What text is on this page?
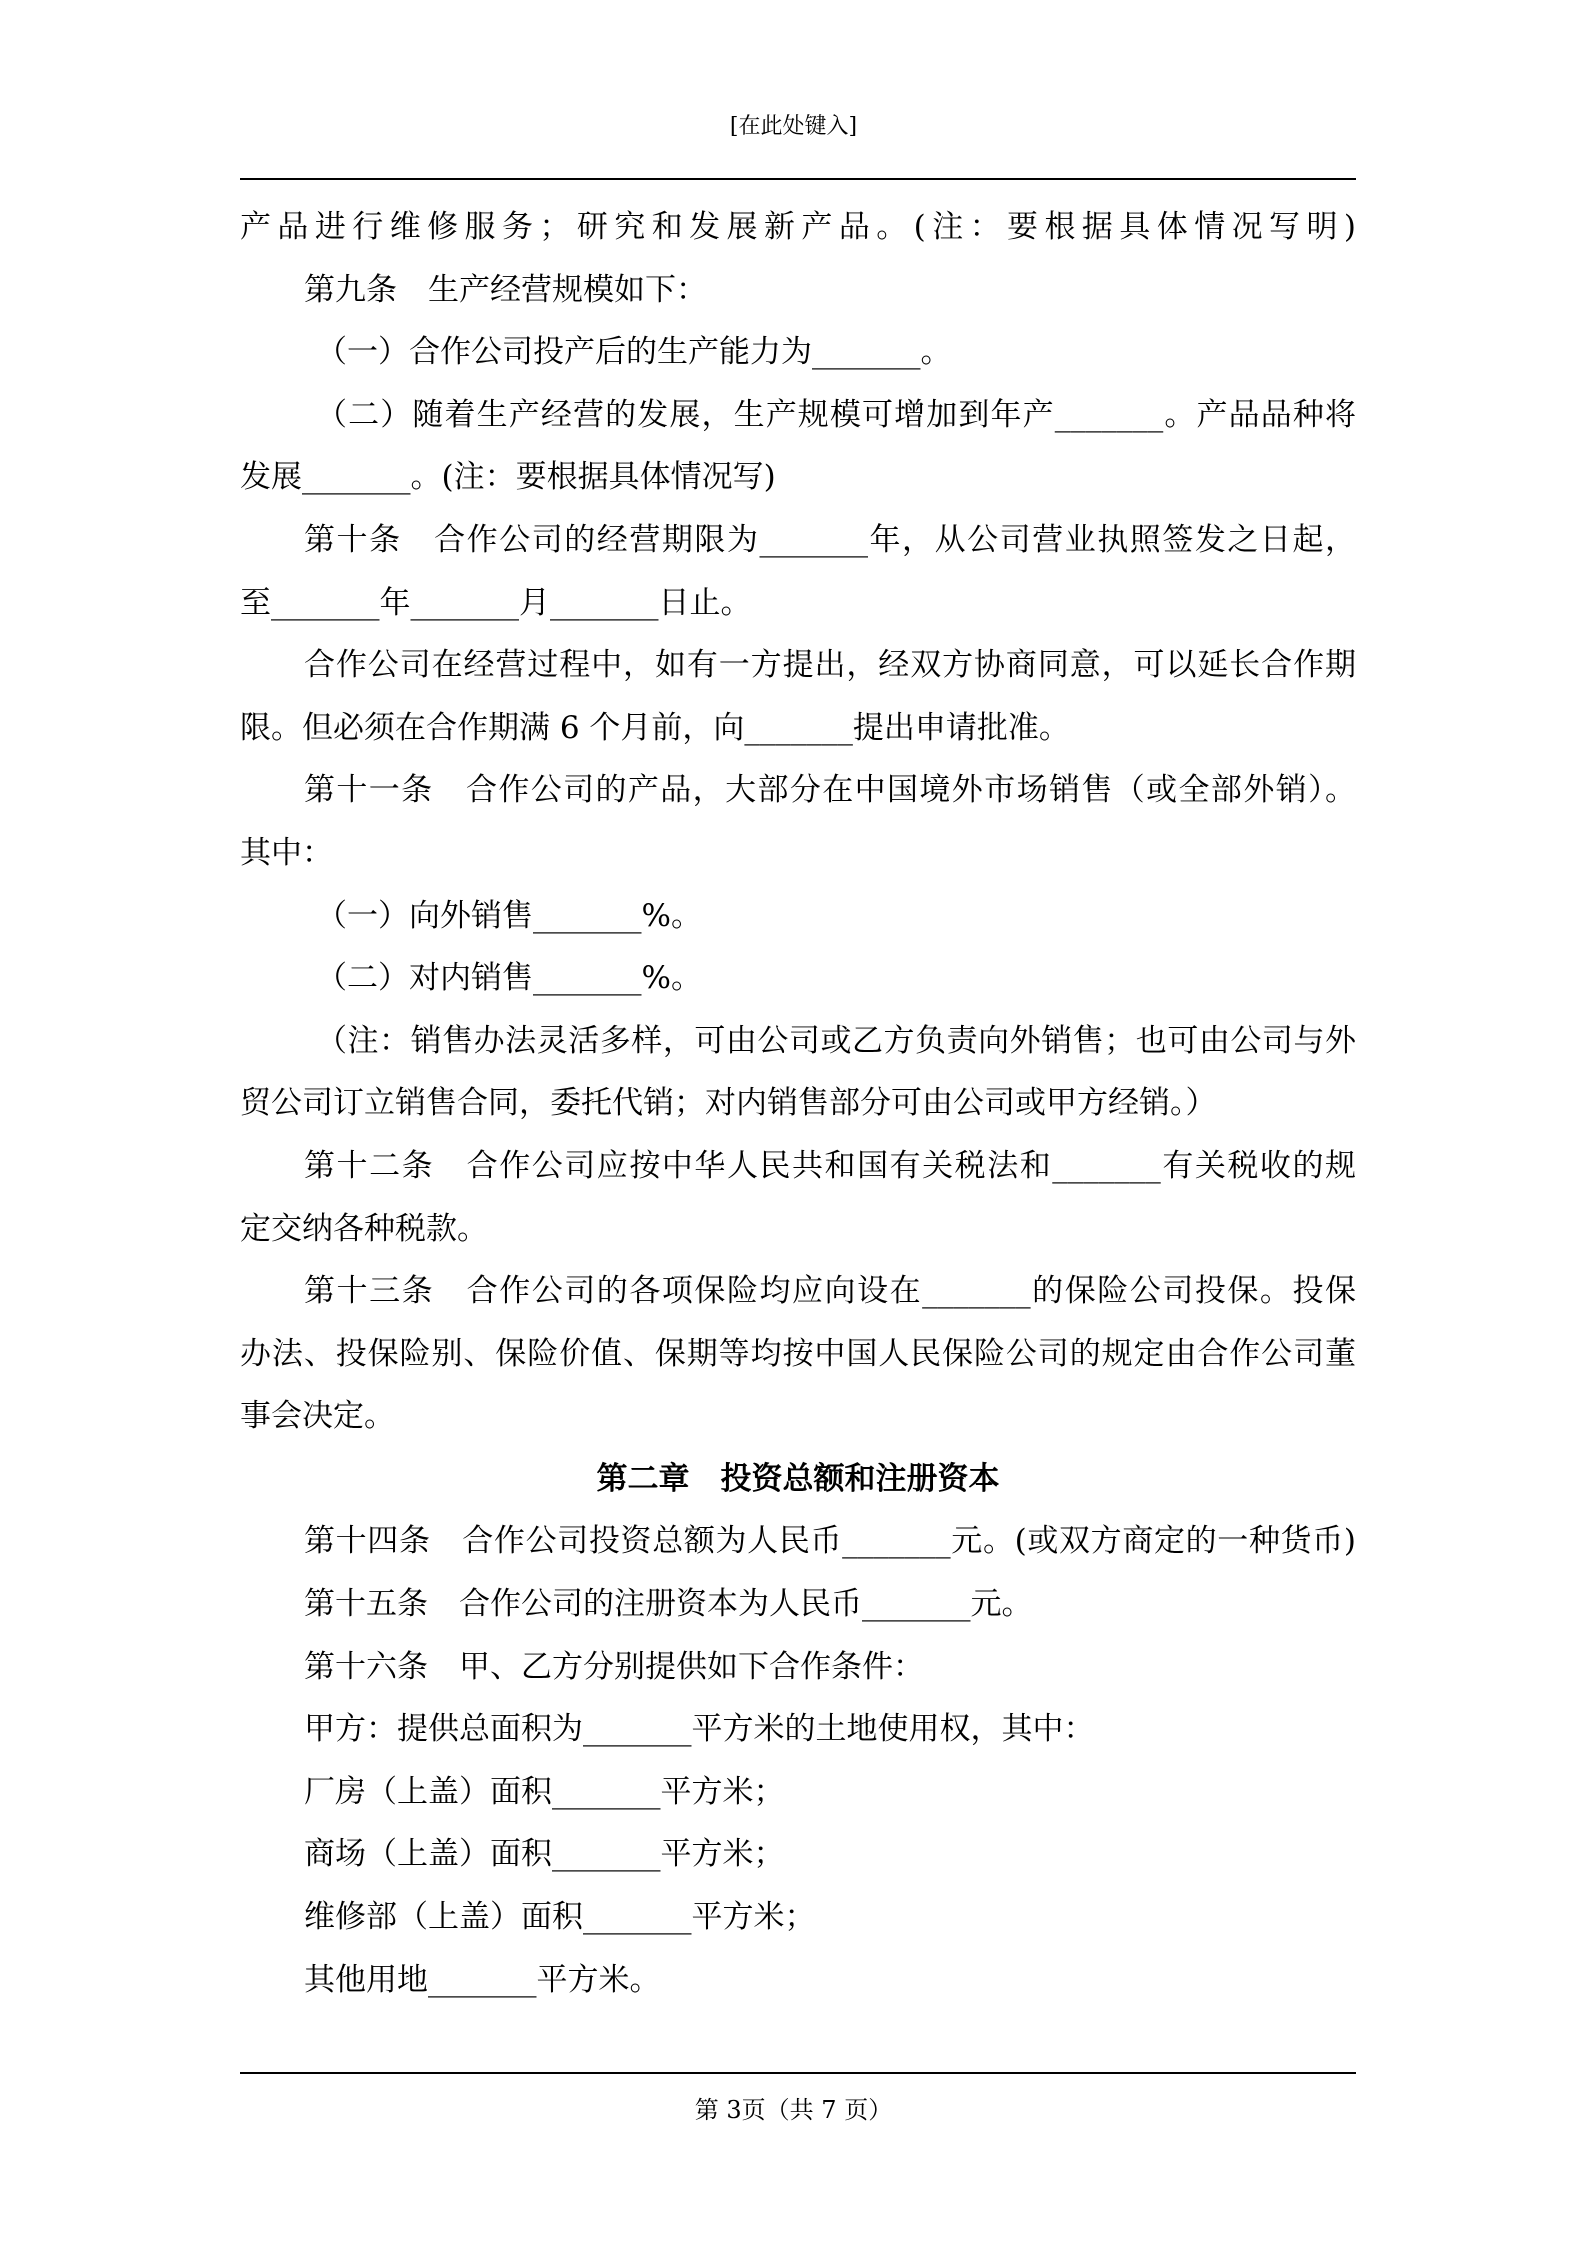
[在此处键入]
产品进行维修服务；研究和发展新产品。(注：要根据具体情况写明)
第九条　生产经营规模如下：
（一）合作公司投产后的生产能力为_______。
（二）随着生产经营的发展，生产规模可增加到年产_______。产品品种将
发展_______。(注：要根据具体情况写)
第十条　合作公司的经营期限为_______年，从公司营业执照签发之日起，
至_______年_______月_______日止。
合作公司在经营过程中，如有一方提出，经双方协商同意，可以延长合作期
限。但必须在合作期满 6 个月前，向_______提出申请批准。
第十一条　合作公司的产品，大部分在中国境外市场销售（或全部外销）。
其中：
（一）向外销售_______%。
（二）对内销售_______%。
（注：销售办法灵活多样，可由公司或乙方负责向外销售；也可由公司与外
贸公司订立销售合同，委托代销；对内销售部分可由公司或甲方经销。）
第十二条　合作公司应按中华人民共和国有关税法和_______有关税收的规
定交纳各种税款。
第十三条　合作公司的各项保险均应向设在_______的保险公司投保。投保
办法、投保险别、保险价值、保期等均按中国人民保险公司的规定由合作公司董
事会决定。
第二章　投资总额和注册资本
第十四条　合作公司投资总额为人民币_______元。(或双方商定的一种货币)
第十五条　合作公司的注册资本为人民币_______元。
第十六条　甲、乙方分别提供如下合作条件：
甲方：提供总面积为_______平方米的土地使用权，其中：
厂房（上盖）面积_______平方米；
商场（上盖）面积_______平方米；
维修部（上盖）面积_______平方米；
其他用地_______平方米。
第 3页（共 7 页）
